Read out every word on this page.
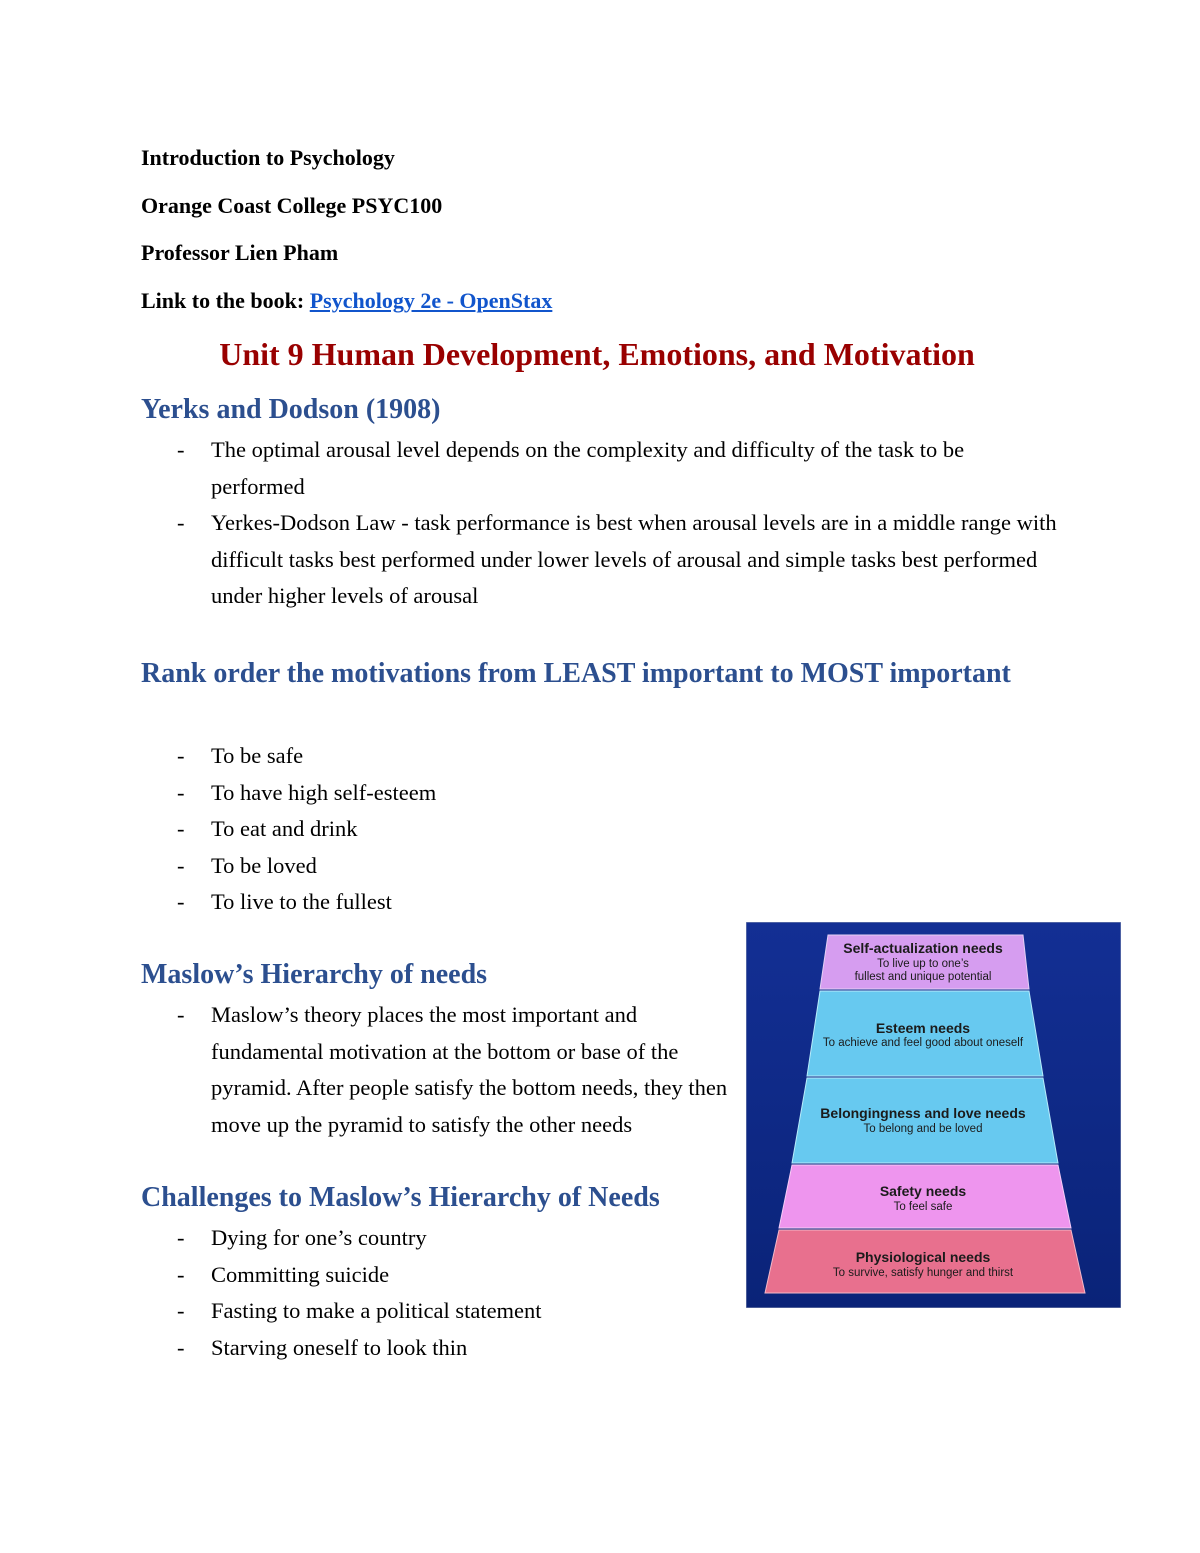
Introduction to Psychology

Orange Coast College PSYC100

Professor Lien Pham

Link to the book: Psychology 2e - OpenStax

Unit 9 Human Development, Emotions, and Motivation
Yerks and Dodson (1908)
- The optimal arousal level depends on the complexity and difficulty of the task to be performed
- Yerkes-Dodson Law - task performance is best when arousal levels are in a middle range with difficult tasks best performed under lower levels of arousal and simple tasks best performed under higher levels of arousal
Rank order the motivations from LEAST important to MOST important
- To be safe
- To have high self-esteem
- To eat and drink
- To be loved
- To live to the fullest
Maslow’s Hierarchy of needs
- Maslow’s theory places the most important and fundamental motivation at the bottom or base of the pyramid. After people satisfy the bottom needs, they then move up the pyramid to satisfy the other needs
Challenges to Maslow’s Hierarchy of Needs
- Dying for one’s country
- Committing suicide
- Fasting to make a political statement
- Starving oneself to look thin
Self-actualization needs
To live up to one’s
fullest and unique potential
Esteem needs
To achieve and feel good about oneself
Belongingness and love needs
To belong and be loved
Safety needs
To feel safe
Physiological needs
To survive, satisfy hunger and thirst
